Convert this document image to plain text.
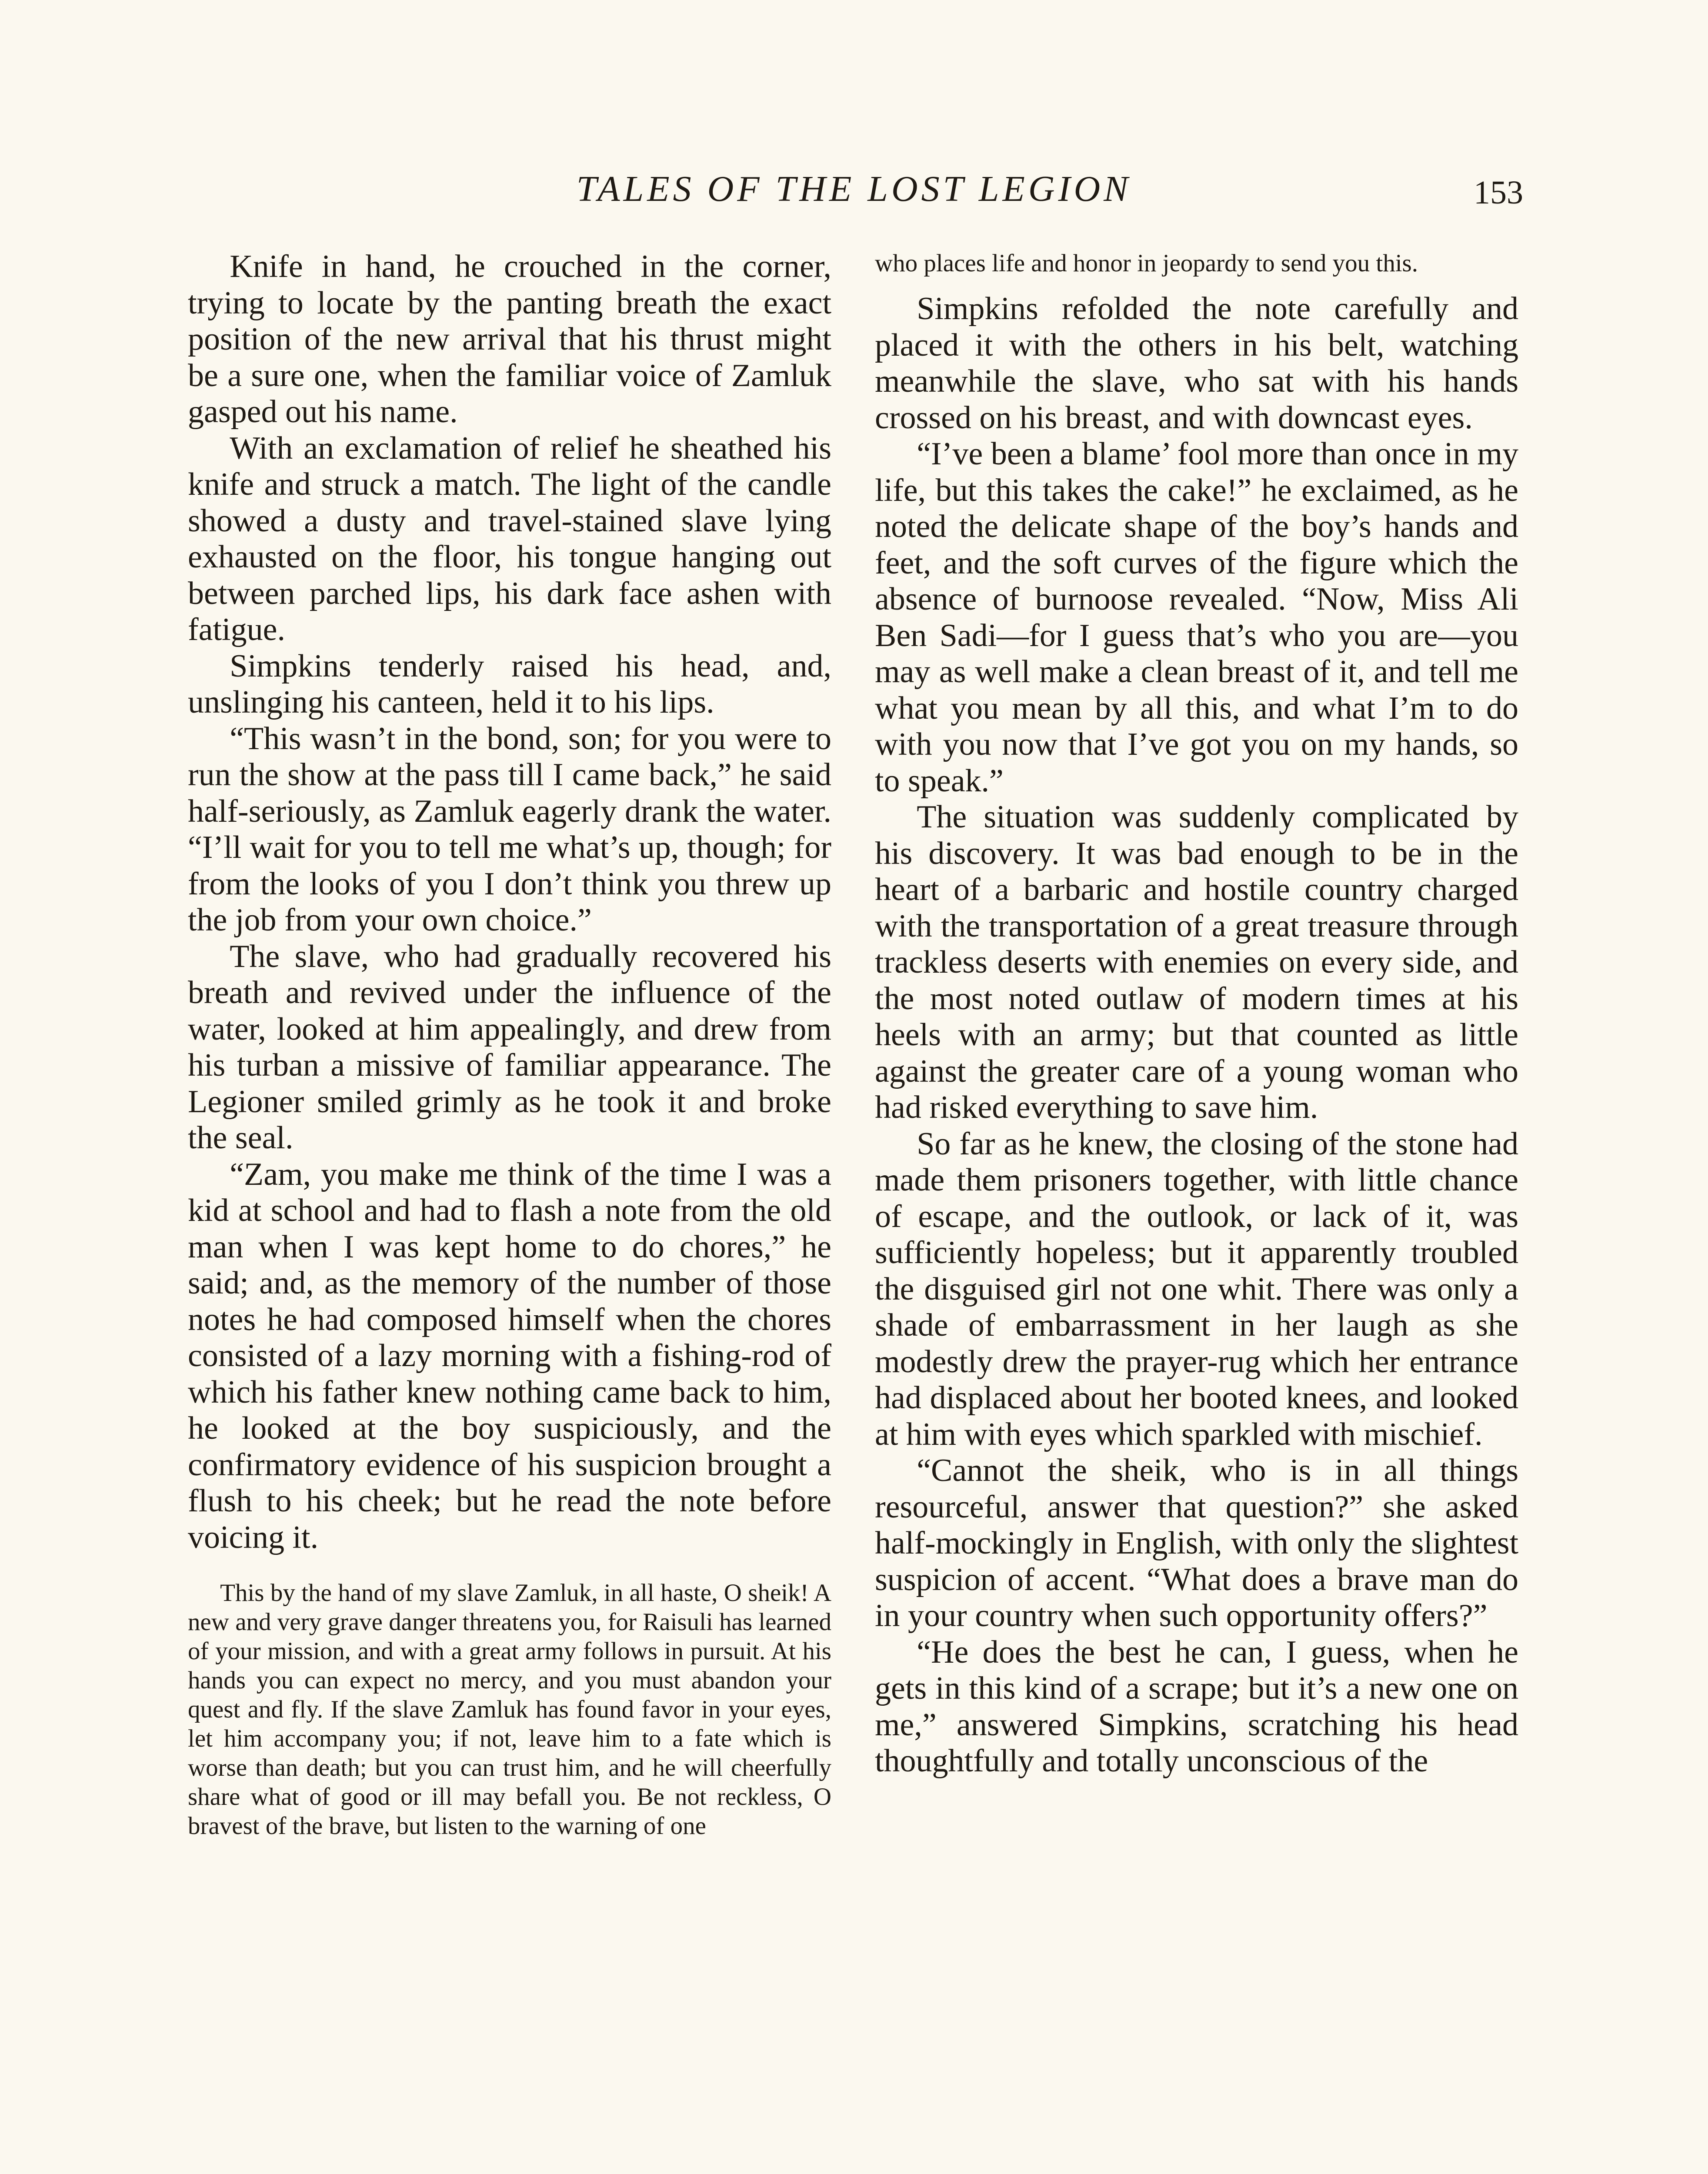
TALES OF THE LOST LEGION	153

Knife in hand, he crouched in the corner, trying to locate by the panting breath the exact position of the new arrival that his thrust might be a sure one, when the familiar voice of Zamluk gasped out his name.

With an exclamation of relief he sheathed his knife and struck a match. The light of the candle showed a dusty and travel-stained slave lying exhausted on the floor, his tongue hanging out between parched lips, his dark face ashen with fatigue.

Simpkins tenderly raised his head, and, unslinging his canteen, held it to his lips.

“This wasn’t in the bond, son; for you were to run the show at the pass till I came back,” he said half-seriously, as Zamluk eagerly drank the water. “I’ll wait for you to tell me what’s up, though; for from the looks of you I don’t think you threw up the job from your own choice.”

The slave, who had gradually recovered his breath and revived under the influence of the water, looked at him appealingly, and drew from his turban a missive of familiar appearance. The Legioner smiled grimly as he took it and broke the seal.

“Zam, you make me think of the time I was a kid at school and had to flash a note from the old man when I was kept home to do chores,” he said; and, as the memory of the number of those notes he had composed himself when the chores consisted of a lazy morning with a fishing-rod of which his father knew nothing came back to him, he looked at the boy suspiciously, and the confirmatory evidence of his suspicion brought a flush to his cheek; but he read the note before voicing it.

This by the hand of my slave Zamluk, in all haste, O sheik! A new and very grave danger threatens you, for Raisuli has learned of your mission, and with a great army follows in pursuit. At his hands you can expect no mercy, and you must abandon your quest and fly. If the slave Zamluk has found favor in your eyes, let him accompany you; if not, leave him to a fate which is worse than death; but you can trust him, and he will cheerfully share what of good or ill may befall you. Be not reckless, O bravest of the brave, but listen to the warning of one

who places life and honor in jeopardy to send you this.

Simpkins refolded the note carefully and placed it with the others in his belt, watching meanwhile the slave, who sat with his hands crossed on his breast, and with downcast eyes.

“I’ve been a blame’ fool more than once in my life, but this takes the cake!” he exclaimed, as he noted the delicate shape of the boy’s hands and feet, and the soft curves of the figure which the absence of burnoose revealed. “Now, Miss Ali Ben Sadi—for I guess that’s who you are—you may as well make a clean breast of it, and tell me what you mean by all this, and what I’m to do with you now that I’ve got you on my hands, so to speak.”

The situation was suddenly complicated by his discovery. It was bad enough to be in the heart of a barbaric and hostile country charged with the transportation of a great treasure through trackless deserts with enemies on every side, and the most noted outlaw of modern times at his heels with an army; but that counted as little against the greater care of a young woman who had risked everything to save him.

So far as he knew, the closing of the stone had made them prisoners together, with little chance of escape, and the outlook, or lack of it, was sufficiently hopeless; but it apparently troubled the disguised girl not one whit. There was only a shade of embarrassment in her laugh as she modestly drew the prayer-rug which her entrance had displaced about her booted knees, and looked at him with eyes which sparkled with mischief.

“Cannot the sheik, who is in all things resourceful, answer that question?” she asked half-mockingly in English, with only the slightest suspicion of accent. “What does a brave man do in your country when such opportunity offers?”

“He does the best he can, I guess, when he gets in this kind of a scrape; but it’s a new one on me,” answered Simpkins, scratching his head thoughtfully and totally unconscious of the
